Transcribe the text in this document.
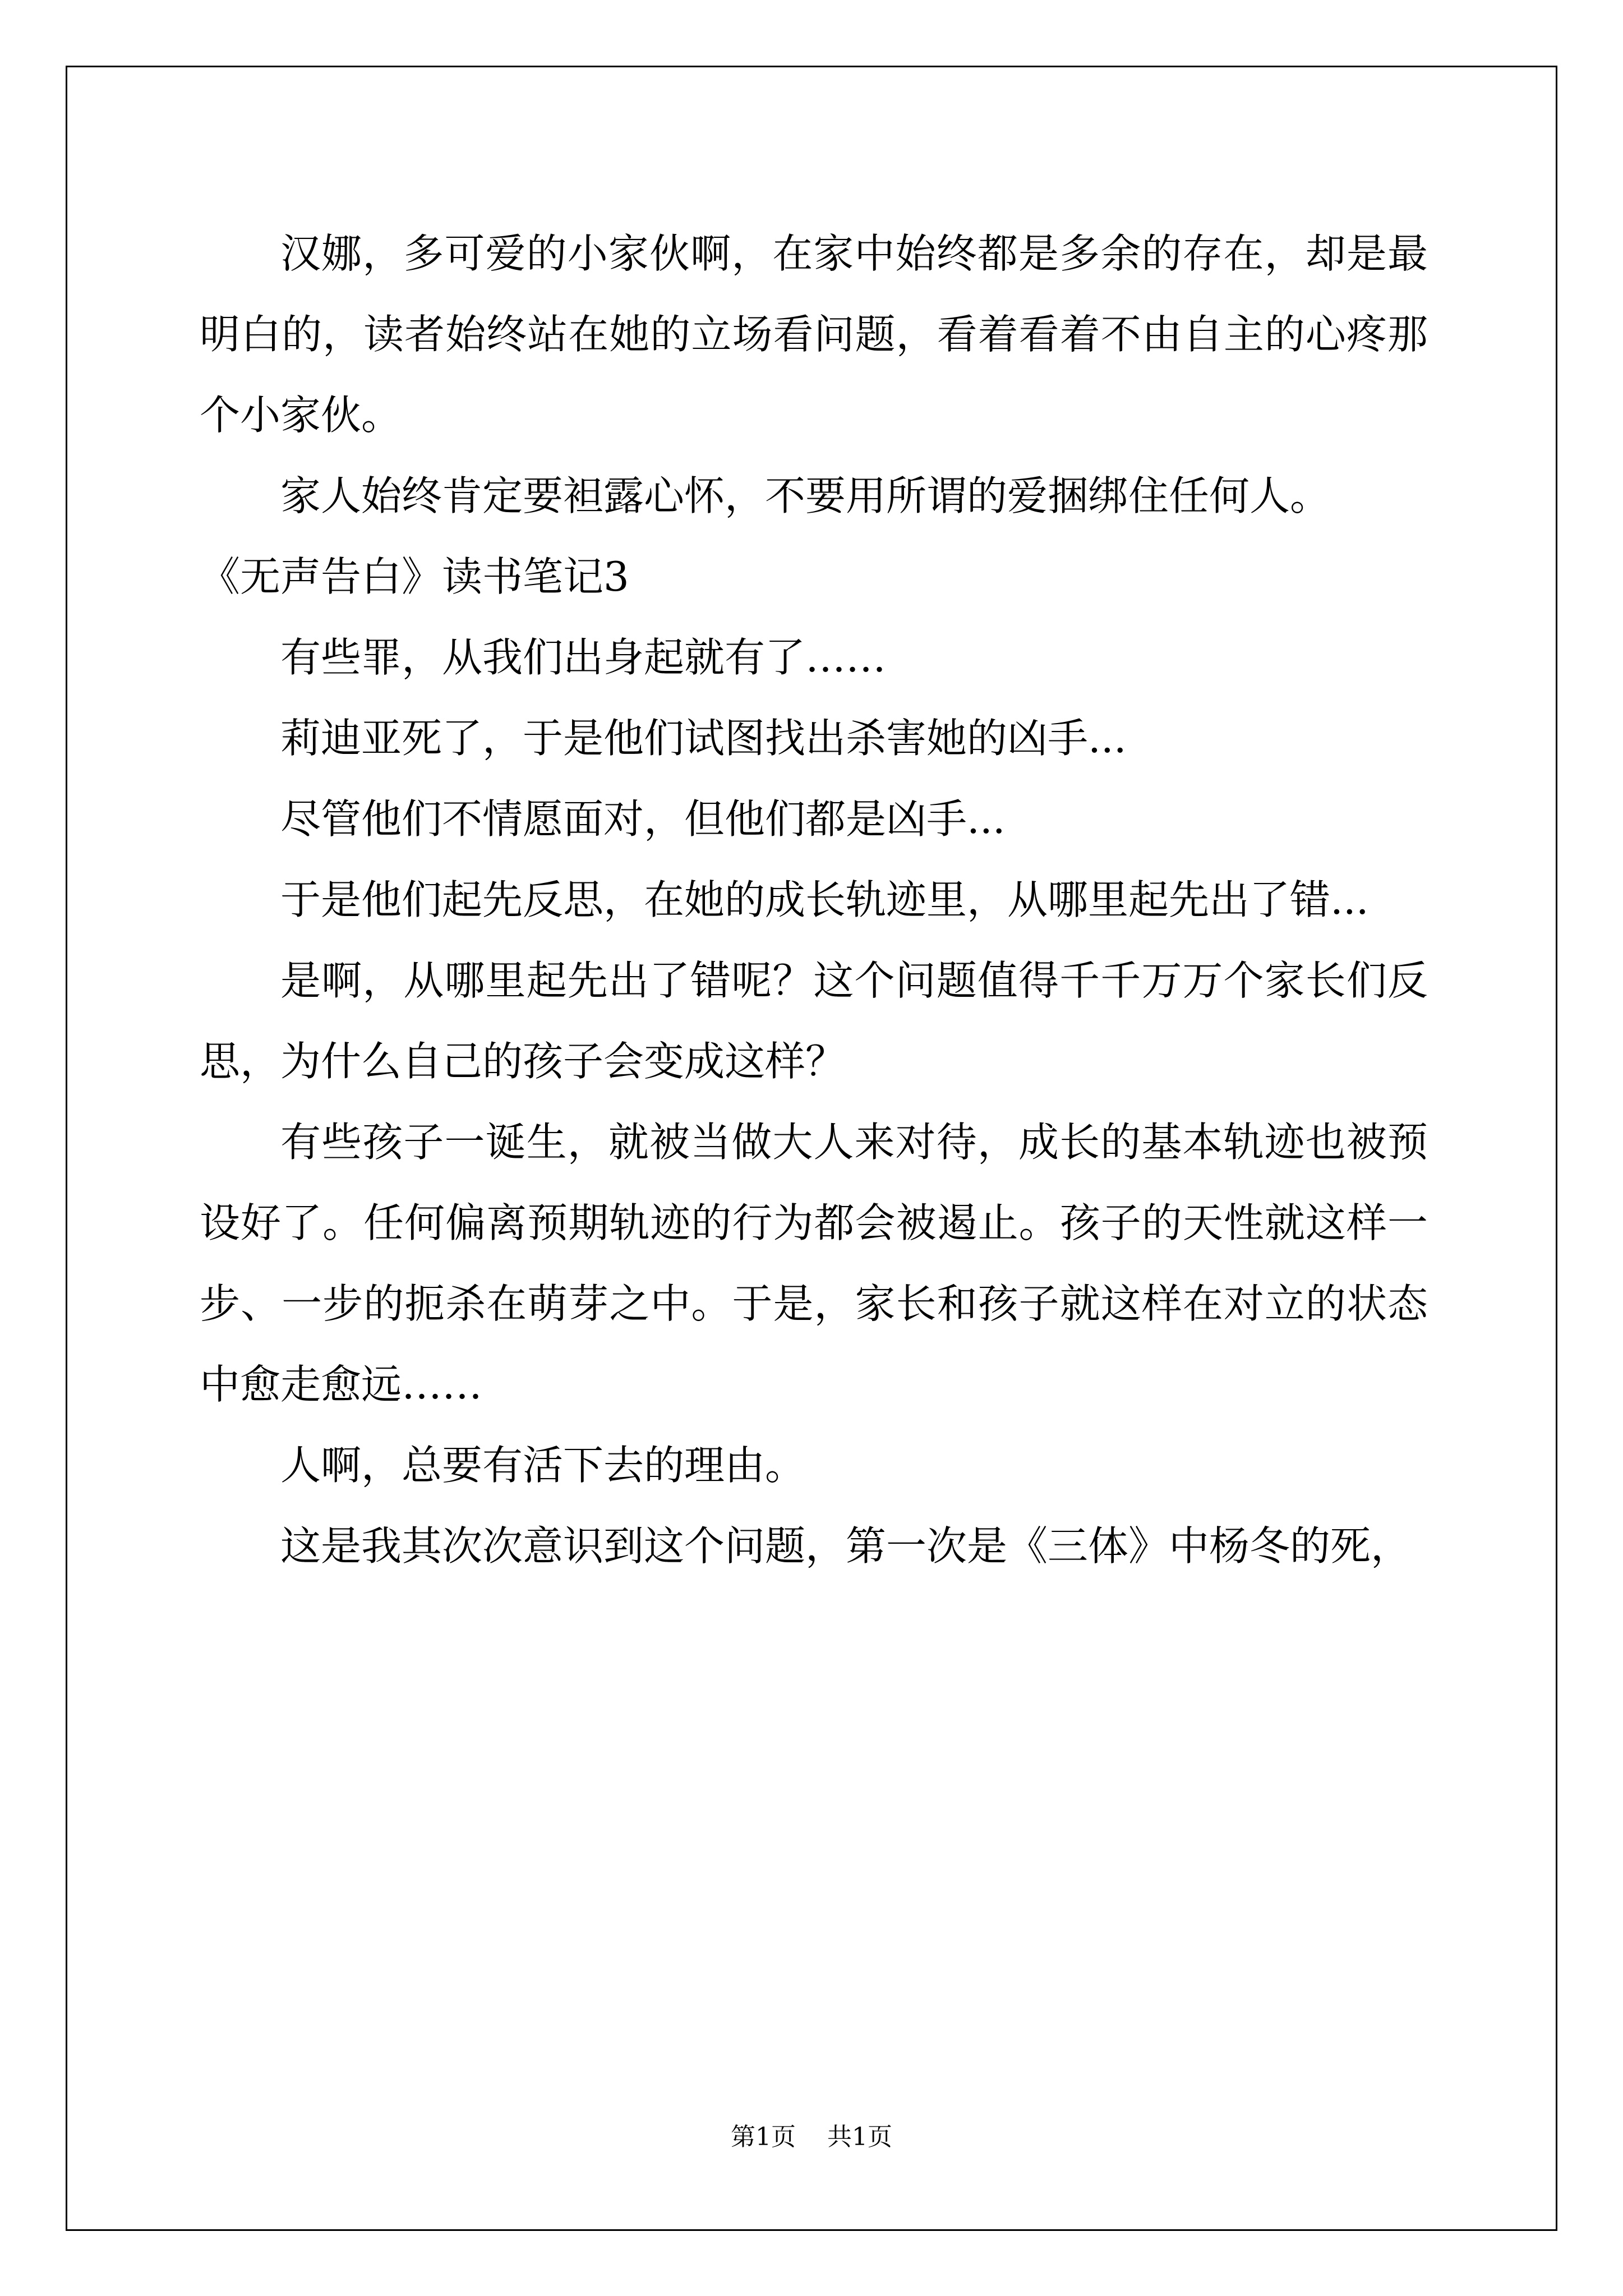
汉娜，多可爱的小家伙啊，在家中始终都是多余的存在，却是最明白的，读者始终站在她的立场看问题，看着看着不由自主的心疼那个小家伙。

家人始终肯定要袒露心怀，不要用所谓的爱捆绑住任何人。

《无声告白》读书笔记3

有些罪，从我们出身起就有了……

莉迪亚死了，于是他们试图找出杀害她的凶手...

尽管他们不情愿面对，但他们都是凶手...

于是他们起先反思，在她的成长轨迹里，从哪里起先出了错...

是啊，从哪里起先出了错呢？这个问题值得千千万万个家长们反思，为什么自己的孩子会变成这样？

有些孩子一诞生，就被当做大人来对待，成长的基本轨迹也被预设好了。任何偏离预期轨迹的行为都会被遏止。孩子的天性就这样一步、一步的扼杀在萌芽之中。于是，家长和孩子就这样在对立的状态中愈走愈远……

人啊，总要有活下去的理由。

这是我其次次意识到这个问题，第一次是《三体》中杨冬的死，

第1页 共1页
